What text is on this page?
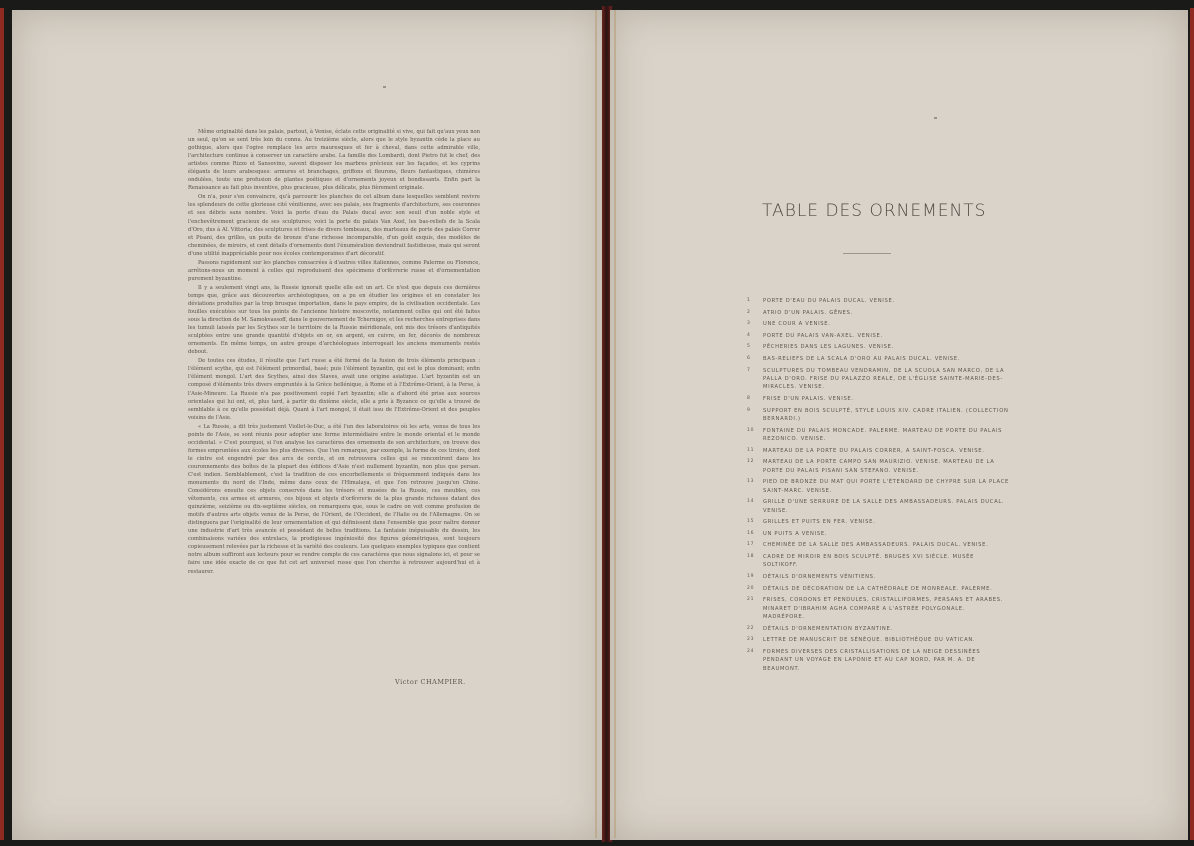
Même originalité dans les palais, partout, à Venise, éclate cette originalité si vive, qui fait qu'aux yeux non un seul, qu'on se sent très loin du connu. Au treizième siècle, alors que le style byzantin cède la place au gothique, alors que l'ogive remplace les arcs mauresques et fer à cheval, dans cette admirable ville, l'architecture continue à conserver un caractère arabe. La famille des Lombardi, dont Pietro fut le chef, des artistes comme Rizzo et Sansovino, savent disposer les marbres précieux sur les façades, et les cyprins élégants de leurs arabesques: armures et branchages, griffons et fleurons, fleurs fantastiques, chimères ondulées, toute une profusion de plantes poétiques et d'ornements joyeux et bondissants. Enfin part la Renaissance au fait plus inventive, plus gracieuse, plus délicate, plus fièrement originale.

On n'a, pour s'en convaincre, qu'à parcourir les planches de cet album dans lesquelles semblent revivre les splendeurs de cette glorieuse cité vénitienne, avec ses palais, ses fragments d'architecture, ses couronnes et ses débris sans nombre. Voici la porte d'eau du Palais ducal avec son seuil d'un noble style et l'enchevêtrement gracieux de ses sculptures; voici la porte du palais Van Axel, les bas-reliefs de la Scala d'Oro, dus à Al. Vittoria; des sculptures et frises de divers tombeaux, des marteaux de porte des palais Correr et Pisani, des grilles, un puits de bronze d'une richesse incomparable, d'un goût exquis, des modèles de cheminées, de miroirs, et cent détails d'ornements dont l'énumération deviendrait fastidieuse, mais qui seront d'une utilité inappréciable pour nos écoles contemporaines d'art décoratif.

Passons rapidement sur les planches consacrées à d'autres villes italiennes, comme Palerme ou Florence, arrêtons-nous un moment à celles qui reproduisent des spécimens d'orfèvrerie russe et d'ornementation purement byzantine.

Il y a seulement vingt ans, la Russie ignorait quelle elle est un art. Ce n'est que depuis ces dernières temps que, grâce aux découvertes archéologiques, on a pu en étudier les origines et en constater les déviations produites par la trop brusque importation, dans le pays empire, de la civilisation occidentale. Les fouilles exécutées sur tous les points de l'ancienne histoire moscovite, notamment celles qui ont été faites sous la direction de M. Samokvassoff, dans le gouvernement de Tchernigov, et les recherches entreprises dans les tumuli laissés par les Scythes sur le territoire de la Russie méridionale, ont mis des trésors d'antiquités sculptées entre une grande quantité d'objets en or, en argent, en cuivre, en fer, décorés de nombreux ornements. En même temps, un autre groupe d'archéologues interrogeait les anciens monuments restés debout.

De toutes ces études, il résulte que l'art russe a été formé de la fusion de trois éléments principaux : l'élément scythe, qui est l'élément primordial, basé; puis l'élément byzantin, qui est le plus dominant; enfin l'élément mongol. L'art des Scythes, ainsi des Slaves, avait une origine asiatique. L'art byzantin est un composé d'éléments très divers empruntés à la Grèce hellénique, à Rome et à l'Extrême-Orient, à la Perse, à l'Asie-Mineure. La Russie n'a pas positivement copié l'art byzantin; elle a d'abord été prise aux sources orientales qui lui ont, et, plus tard, à partir du dixième siècle, elle a pris à Byzance ce qu'elle a trouvé de semblable à ce qu'elle possédait déjà. Quant à l'art mongol, il était issu de l'Extrême-Orient et des peuples voisins de l'Asie.

« La Russie, a dit très justement Viollet-le-Duc, a été l'un des laboratoires où les arts, venus de tous les points de l'Asie, se sont réunis pour adopter une forme intermédiaire entre le monde oriental et le monde occidental. » C'est pourquoi, si l'on analyse les caractères des ornements de son architecture, on trouve des formes empruntées aux écoles les plus diverses. Que l'on remarque, par exemple, la forme de ces tiroirs, dont le cintre est engendré par des arcs de cercle, et on retrouvera celles qui se rencontrent dans les couronnements des boîtes de la plupart des édifices d'Asie n'est nullement byzantin, non plus que persan. C'est indien. Semblablement, c'est la tradition de ces encorbellements si fréquemment indiqués dans les monuments du nord de l'Inde, même dans ceux de l'Himalaya, et que l'on retrouve jusqu'en Chine. Considérons ensuite ces objets conservés dans les trésors et musées de la Russie, ces meubles, ces vêtements, ces armes et armures, ces bijoux et objets d'orfèvrerie de la plus grande richesse datant des quinzième, seizième ou dix-septième siècles, on remarquera que, sous le cadre on voit comme profusion de motifs d'autres arts objets venus de la Perse, de l'Orient, de l'Occident, de l'Italie ou de l'Allemagne. On se distinguera par l'originalité de leur ornementation et qui définissent dans l'ensemble que pour naître donner une industrie d'art très avancée et possédant de belles traditions. La fantaisie inépuisable du dessin, les combinaisons variées des entrelacs, la prodigieuse ingéniosité des figures géométriques, sont toujours copieusement relevées par la richesse et la variété des couleurs. Les quelques exemples typiques que contient notre album suffiront aux lecteurs pour se rendre compte de ces caractères que nous signalons ici, et pour se faire une idée exacte de ce que fut cet art universel russe que l'on cherche à retrouver aujourd'hui et à restaurer.

Victor CHAMPIER.
TABLE DES ORNEMENTS
1	PORTE D'EAU DU PALAIS DUCAL. VENISE.
2	ATRIO D'UN PALAIS. GÊNES.
3	UNE COUR A VENISE.
4	PORTE DU PALAIS VAN-AXEL. VENISE.
5	PÊCHERIES DANS LES LAGUNES. VENISE.
6	BAS-RELIEFS DE LA SCALA D'ORO AU PALAIS DUCAL. VENISE.
7	SCULPTURES DU TOMBEAU VENDRAMIN, DE LA SCUOLA SAN MARCO, DE LA PALLA D'ORO. FRISE DU PALAZZO REALE, DE L'ÉGLISE SAINTE-MARIE-DES-MIRACLES. VENISE.
8	FRISE D'UN PALAIS. VENISE.
9	SUPPORT EN BOIS SCULPTÉ, STYLE LOUIS XIV. CADRE ITALIEN. (COLLECTION BERNARDI.)
10	FONTAINE DU PALAIS MONCADE. PALERME. MARTEAU DE PORTE DU PALAIS REZONICO. VENISE.
11	MARTEAU DE LA PORTE DU PALAIS CORRER, A SAINT-FOSCA. VENISE.
12	MARTEAU DE LA PORTE CAMPO SAN MAURIZIO. VENISE. MARTEAU DE LA PORTE DU PALAIS PISANI SAN STEFANO. VENISE.
13	PIED DE BRONZE DU MAT QUI PORTE L'ÉTENDARD DE CHYPRE SUR LA PLACE SAINT-MARC. VENISE.
14	GRILLE D'UNE SERRURE DE LA SALLE DES AMBASSADEURS. PALAIS DUCAL. VENISE.
15	GRILLES ET PUITS EN FER. VENISE.
16	UN PUITS A VENISE.
17	CHEMINÉE DE LA SALLE DES AMBASSADEURS. PALAIS DUCAL. VENISE.
18	CADRE DE MIROIR EN BOIS SCULPTÉ. BRUGES XVI SIÈCLE. MUSÉE SOLTIKOFF.
19	DÉTAILS D'ORNEMENTS VÉNITIENS.
20	DÉTAILS DE DÉCORATION DE LA CATHÉDRALE DE MONREALE. PALERME.
21	FRISES, CORDONS ET PENDULES, CRISTALLIFORMES, PERSANS ET ARABES. MINARET D'IBRAHIM AGHA COMPARÉ A L'ASTRÉE POLYGONALE. MADRÉPORE.
22	DÉTAILS D'ORNEMENTATION BYZANTINE.
23	LETTRE DE MANUSCRIT DE SÉNÈQUE. BIBLIOTHÈQUE DU VATICAN.
24	FORMES DIVERSES DES CRISTALLISATIONS DE LA NEIGE DESSINÉES PENDANT UN VOYAGE EN LAPONIE ET AU CAP NORD, PAR M. A. DE BEAUMONT.
